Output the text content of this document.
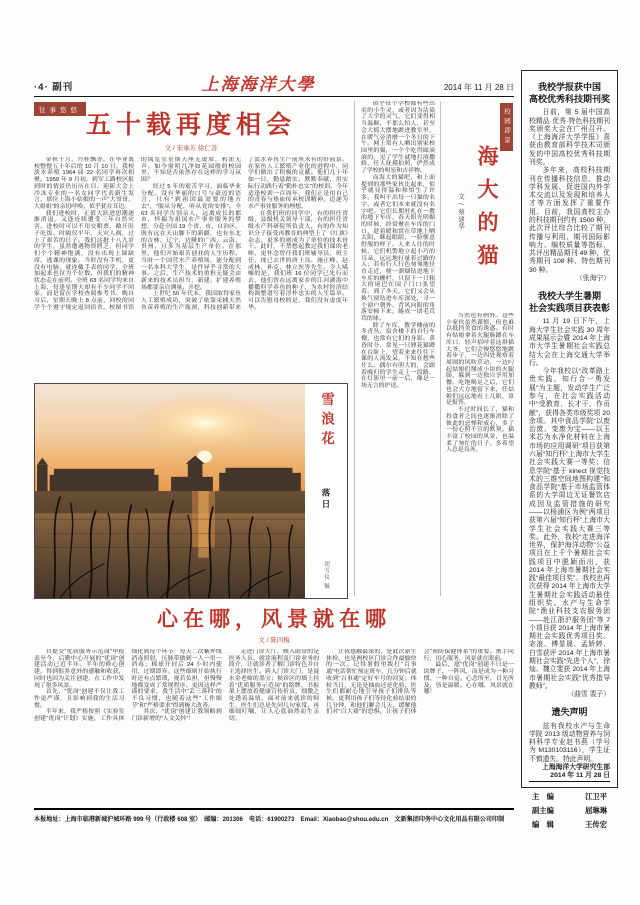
·4· 副刊	上海海洋大學	2014 年 11 月 28 日
往事悠悠 五十载再度相会
文 / 宋承芳 徐仁善

金秋十月，丹桂飘香。在毕业离校整整五十年后的 10 月 10 日，我校淡水养殖 1964 届 22 名同学再次相聚。1959 年 9 月初，到军工路校区报到时的情景仍历历在目。迎新大会上冷冻专业的一名女同学代表新生发言，那位上海小姑娘的一声“大哥哥，大姐姐”的亲切呼唤，似乎犹在耳边。

我们进校时，正值大跃进思潮逐渐消退，又逢连续遭受三年自然灾害。进校时可以不用交粮票，敞开肚子吃饭。时隔仅半年，天灾人祸，过上了艰苦的日子。我们这批十八九岁的学生，虽然遭遇物资匮乏，但同学们个个精神饱满，没有出现上课缺席、逃课的现象。当时没有手机，更没有电脑，就连戴手表的同学，全班加起来也仅为个位数，但我们的精神状态走在前列。全班 63 名同学均来自上海，每逢星期天却有不少同学不回家，而是留在学校查阅参考书。晚自习后，星期天晚上 8 点前，回校的同学个个遵守规定返回宿舍。校图书馆的阅览室星期天座无虚席，鸦雀无声。如今窗明几净如花园般的校园里，不知是否依然存在这样的学习氛围？

经过 5 年的艰苦学习，面临毕业分配。没有华丽的口号与豪迈的语言，只有“到祖国最需要的地方去”，“服从分配，听从党的安排”。全 63 名同学告别亲人，远离成长的都市，怀揣为祖国水产事业服务的梦想，分赴全国 19 个省、市、自治区，既有远在天山脚下的新疆，也有东北的吉林、辽宁，边陲的广西、云南、贵州，且多为基层生产单位。在那里，他们开始艰苦创业的人生历程。当时一个国营水产养殖场，能分配到一名本科大学生，是件异乎寻常的大事。之后，生产技术的重担无疑会由新来的技术员担当，新建、扩建养殖场都要亲自测量、开挖。

上世纪 50 年代末，我国取得家鱼人工繁殖成功，突破了依靠采捕天然鱼苗养殖的生产瓶颈，科技创新带来了淡水养鱼生产前所未有的好前景。在家鱼人工繁殖产业化的进程中，同学们做出了积极的贡献。他们几十年如一日，勤恳踏实、默默奉献，用实际行动践行着“勤朴忠实”的校训。今年适逢校训一百周年，我们正是用自己的青春与热血传承校训精神，追逐为水产事业服务的理想。

在我们班的同学中，有的担任省级、县级机关领导干部，有的担任省级水产科研院所负责人，有的作为知识分子接受再教育的典型上了《红旗》杂志，更多的则成为了单位的技术骨干。此时，不禁想起教过我们课的老师，更怀念曾任我们班辅导员、班主任，现已去世的唐士良、施正峰、赵成林、孙克、林立医等先生。令人唏嘘的是，我们班 16 位同学已先行而去，他们曾在远离家乡的江河湖海中播撒科学养鱼的种子，为农村经济结构调整谱写着淳朴忠实的人生篇章。可以告慰母校的是，我们没有虚度年华。

雪浪花
落日
胡雪仪 摄

似乎每个学校都有些出名的小生灵，或者因为沾染了大学的灵气，它们变得相当温顺，不那么怕人，甚至会大摇大摆地踱进教室里，在暖气旁消磨一个冬日的下午。网上常有人晒出别家校园里的猫，一个个吃得圆滚滚的，见了学生就地打滚撒娇，任人抚摸拍照，俨然成了学校的明星和吉祥物。

而海大的猫吧，和上面提到的那些家伙比起来，似乎就显得温和和怕生了许多。我叫不出每一只猫的名字，或者它们本来就没有名字吧。它们长期驻扎在一教的地下车库，春天阳光明媚的时候，经常聚在车库的门口，趁着暖和窝在草地上晒太阳，眯起眼睛，一脸惬意舒服的样子。人来人往的时候，它们机警地立起小巧的耳朵，远远地打量着过路的人；若有行人行色匆匆地径直走近，便一溜烟钻进地下车库的栅栏，只留下一只粗大的尾巴在园子门口张望着。到了冬天，它们又会从换气窗钻进车库深处，寻一个窗户朝外、背风向阳的角落安顿下来，蜷成一团毛茸茸的球。

除了车库，教学楼前的冬青丛、宿舍楼下的自行车棚，也常有它们的身影。黄昏时分，常见一只狸花猫蹲在台阶上，望着来来往往下课的人流发呆，不知在想些什么。偶尔有胆大的，会跟着晚归的学生走上一段路，在灯影里一前一后，像是一场无言的护送。

校园即景
海大的猫
文 / 蔡建华

当然也有例外。这些小家伙虽然谨慎，但也难以抵挡美食的诱惑。有时有姑娘拿着火腿肠蹲在车库口，轻声招呼着这群猫大爷，它们会慢悠悠地踱着步子，一边四处观察着周围的风吹草动，一边叼起姑娘们掰成小块的火腿肠，躲到一边独自享用加餐。吃饱喝足之后，它们也会大方地留下来，任姑娘们远远地看上几眼，算是报答。

不过时间长了，猫和投食者之间也逐渐消除了彼此的忌惮和戒心，多了一份心照不宣的默契。猫丰富了校园的风景，也温柔了匆忙的日子。多希望人总是良善。

心在哪，风景就在哪
文 / 陈四梅

自提交“优质服务示范岗”申报表至今，后勤中心开展的“优岗”创建活动已近半年。半年的修心创建，得到很多意外的感触和收获，同时也因为关注创建，在工作中发现了很多风景。

首先，“优岗”创建不仅让我工作更严谨，且影响到我的生活习惯。

半年来，我严格按照《实验室创建“优岗”计划》实施，工作具体细化到每个环节：每天二次紫外线消毒照射，压脉带做到一人一用一消毒；棉球开封后 24 小时内使用，过期即弃。这些细则开始执行时还有点繁琐，视若负担，但慢慢地都变成了常规程序。更因这样严谨的要求，我生活中“丢三落四”的不良习惯，也随着这些“工作细节”和“严格要求”得到极大改善。

其次，“优岗”创建让我领略到门诊新增的“人文关怀”！

走进门诊大厅，映入眼帘的是医务人员、就诊流程及门诊业务的简介，让就诊者了解门诊特色并自主选择医生。跨入门诊大门，是聂水金老师的墨宝；候诊区的墙上挂着“优质服务示范岗”的铭牌，书报架上摆放着健康宣传折页，细微之处透着温情。面对前来就诊的师生，医生们总是先问几句家常，再细细叮嘱，让人心底油然而生亲切。

让我感触最深的，是此次新生体检，也是两校区门诊合作最愉快的一次。记得暑假里拨打“百事通”电话帮忙预定班车，几分钟后就收到“百事通”定好车号的回复；体检当日，无论是抽血还是化验，医生们都耐心地引导孩子们排队等候，更利用孩子们等待化验结果的几分钟，和他们聊会儿天，缓解他们对“白大褂”的恐惧，让孩子们体会“预防保健体系”的重要。携手同行，用心服务，风景就在眼前。

最后，愿“优岗”创建不只是一块牌子、一阵风，而是成为一种习惯、一种自觉。心念所至，目光所及，皆是温暖。心在哪，风景就在哪！

本报地址：上海市临港新城沪城环路 999 号（行政楼 608 室）　邮编：201306　电话：61900273　Email：Xiaobao@shou.edu.cn　文新集团印务中心文化用品有限公司印制
我校学报获中国
高校优秀科技期刊奖

日前，第 5 届中国高校精品·优秀·特色科技期刊奖颁奖大会在广州召开。《上海海洋大学学报》喜获由教育部科学技术司颁发的中国高校优秀科技期刊奖。

多年来，高校科技期刊在传播科技信息、推动学科发展、促进国内外学术交流以及发现和培养人才等方面发挥了重要作用。目前，我国高校主办的科技期刊约有 1500 种，此次评比综合比较了期刊传播与利用、期刊国际影响力、编校质量等指标，共评出精品期刊 49 种，优秀期刊 108 种、特色期刊 30 种。

（张海宁）

我校大学生暑期
社会实践项目获表彰

11 月 19 日下午，上海大学生社会实践 30 周年成果展示会暨 2014 年上海市大学生暑期社会实践总结大会在上海交通大学举行。

今年我校以“改革路上贵实践，知行合一勇发展”为主题，发动学生广泛参与，在社会实践活动中“受教育、长才干、作贡献”，获得各类市级奖项 20 余项。其中食品学院“以废治废、变废为宝——以玉米芯为水净化材料在上海市场的应用调研”项目获第六届“知行杯”上海市大学生社会实践大赛一等奖；信息学院“基于 kinect 视觉技术的三维空间地图构建”和食品学院“基于市场监管体系的大学周边无证餐饮店成因及监管措施的研究——以杨浦区为例”两项目获第六届“知行杯”上海市大学生社会实践大赛三等奖。此外，我校“走进海洋世界，保护海洋动物”公益项目在上千个暑期社会实践项目中脱颖而出，获 2014 年上海市暑期社会实践“最佳项目奖”。我校也再次获得 2014 年上海市大学生暑期社会实践活动最佳组织奖。水产与生命学院“渔业科技支农服务团——赴江浙沪服务团”等 7 个项目获 2014 年上海市暑期社会实践优秀项目奖。宓浪、傅显晟、孟娇婷、白雪获评 2014 年上海市暑期社会实践“先进个人”，徐灿、魏立斐获 2014 年上海市暑期社会实践“优秀指导教师”。

（曲雪 裴子）

遗失声明

兹有我校水产与生命学院 2013 级动物营养与饲料科学专业赵书燕（学号为 M130103116），学生证不慎遗失。特此声明。

上海海洋大学研究生部

2014 年 11 月 28 日

主　编	江卫平
副主编	屈琳琳
编　辑	王传宏
